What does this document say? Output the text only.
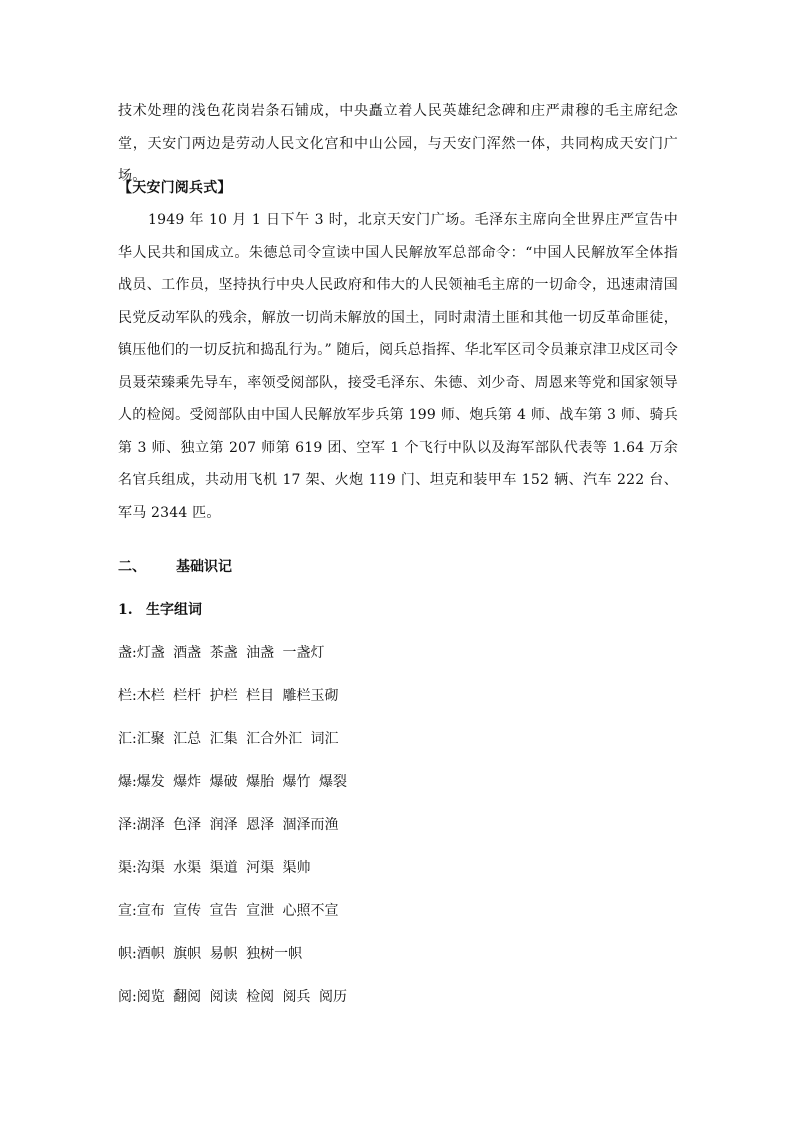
技术处理的浅色花岗岩条石铺成，中央矗立着人民英雄纪念碑和庄严肃穆的毛主席纪念堂，天安门两边是劳动人民文化宫和中山公园，与天安门浑然一体，共同构成天安门广场。

【天安门阅兵式】

1949 年 10 月 1 日下午 3 时，北京天安门广场。毛泽东主席向全世界庄严宣告中华人民共和国成立。朱德总司令宣读中国人民解放军总部命令：“中国人民解放军全体指战员、工作员，坚持执行中央人民政府和伟大的人民领袖毛主席的一切命令，迅速肃清国民党反动军队的残余，解放一切尚未解放的国土，同时肃清土匪和其他一切反革命匪徒，镇压他们的一切反抗和捣乱行为。” 随后，阅兵总指挥、华北军区司令员兼京津卫戍区司令员聂荣臻乘先导车，率领受阅部队，接受毛泽东、朱德、刘少奇、周恩来等党和国家领导人的检阅。受阅部队由中国人民解放军步兵第 199 师、炮兵第 4 师、战车第 3 师、骑兵第 3 师、独立第 207 师第 619 团、空军 1 个飞行中队以及海军部队代表等 1.64 万余名官兵组成，共动用飞机 17 架、火炮 119 门、坦克和装甲车 152 辆、汽车 222 台、军马 2344 匹。

二、 基础识记
1. 生字组词
盏:灯盏 酒盏 茶盏 油盏 一盏灯
栏:木栏 栏杆 护栏 栏目 雕栏玉砌
汇:汇聚 汇总 汇集 汇合外汇 词汇
爆:爆发 爆炸 爆破 爆胎 爆竹 爆裂
泽:湖泽 色泽 润泽 恩泽 涸泽而渔
渠:沟渠 水渠 渠道 河渠 渠帅
宣:宣布 宣传 宣告 宣泄 心照不宣
帜:酒帜 旗帜 易帜 独树一帜
阅:阅览 翻阅 阅读 检阅 阅兵 阅历
